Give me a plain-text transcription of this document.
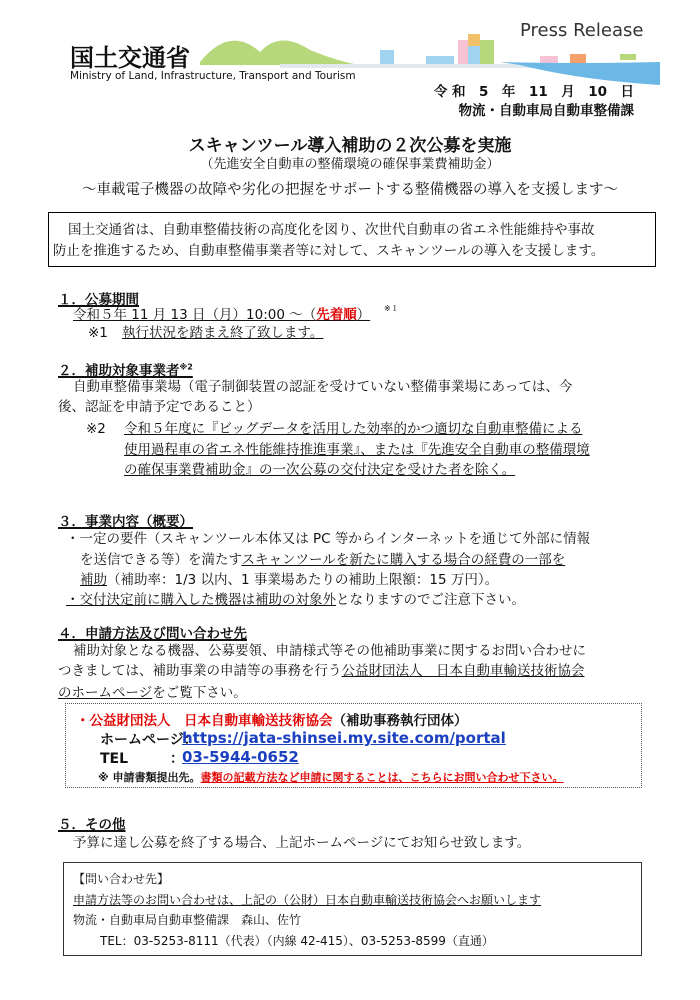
国土交通省
Ministry of Land, Infrastructure, Transport and Tourism
Press Release
令 和　5　年　11　月　10　日
物流・自動車局自動車整備課
スキャンツール導入補助の２次公募を実施
（先進安全自動車の整備環境の確保事業費補助金）
～車載電子機器の故障や劣化の把握をサポートする整備機器の導入を支援します～
国土交通省は、自動車整備技術の高度化を図り、次世代自動車の省エネ性能維持や事故
防止を推進するため、自動車整備事業者等に対して、スキャンツールの導入を支援します。
１．公募期間
令和５年 11 月 13 日（月）10:00 ～（先着順） ※１
※1 執行状況を踏まえ終了致します。
２．補助対象事業者$^{※2}$
自動車整備事業場（電子制御装置の認証を受けていない整備事業場にあっては、今
後、認証を申請予定であること）
※2 令和５年度に『ビッグデータを活用した効率的かつ適切な自動車整備による
使用過程車の省エネ性能維持推進事業』、または『先進安全自動車の整備環境
の確保事業費補助金』の一次公募の交付決定を受けた者を除く。
３．事業内容（概要）
・一定の要件（スキャンツール本体又は PC 等からインターネットを通じて外部に情報
を送信できる等）を満たすスキャンツールを新たに購入する場合の経費の一部を
補助（補助率：1/3 以内、1 事業場あたりの補助上限額：15 万円）。
・交付決定前に購入した機器は補助の対象外となりますのでご注意下さい。
４．申請方法及び問い合わせ先
補助対象となる機器、公募要領、申請様式等その他補助事業に関するお問い合わせに
つきましては、補助事業の申請等の事務を行う公益財団法人　日本自動車輸送技術協会
のホームページをご覧下さい。
・公益財団法人　日本自動車輸送技術協会（補助事務執行団体）
ホームページ：
https://jata-shinsei.my.site.com/portal
TEL	：
03-5944-0652
※ 申請書類提出先。書類の記載方法など申請に関することは、こちらにお問い合わせ下さい。
５．その他
予算に達し公募を終了する場合、上記ホームページにてお知らせ致します。
【問い合わせ先】
申請方法等のお問い合わせは、上記の（公財）日本自動車輸送技術協会へお願いします
物流・自動車局自動車整備課　森山、佐竹
TEL：03-5253-8111（代表）（内線 42-415）、03-5253-8599（直通）
